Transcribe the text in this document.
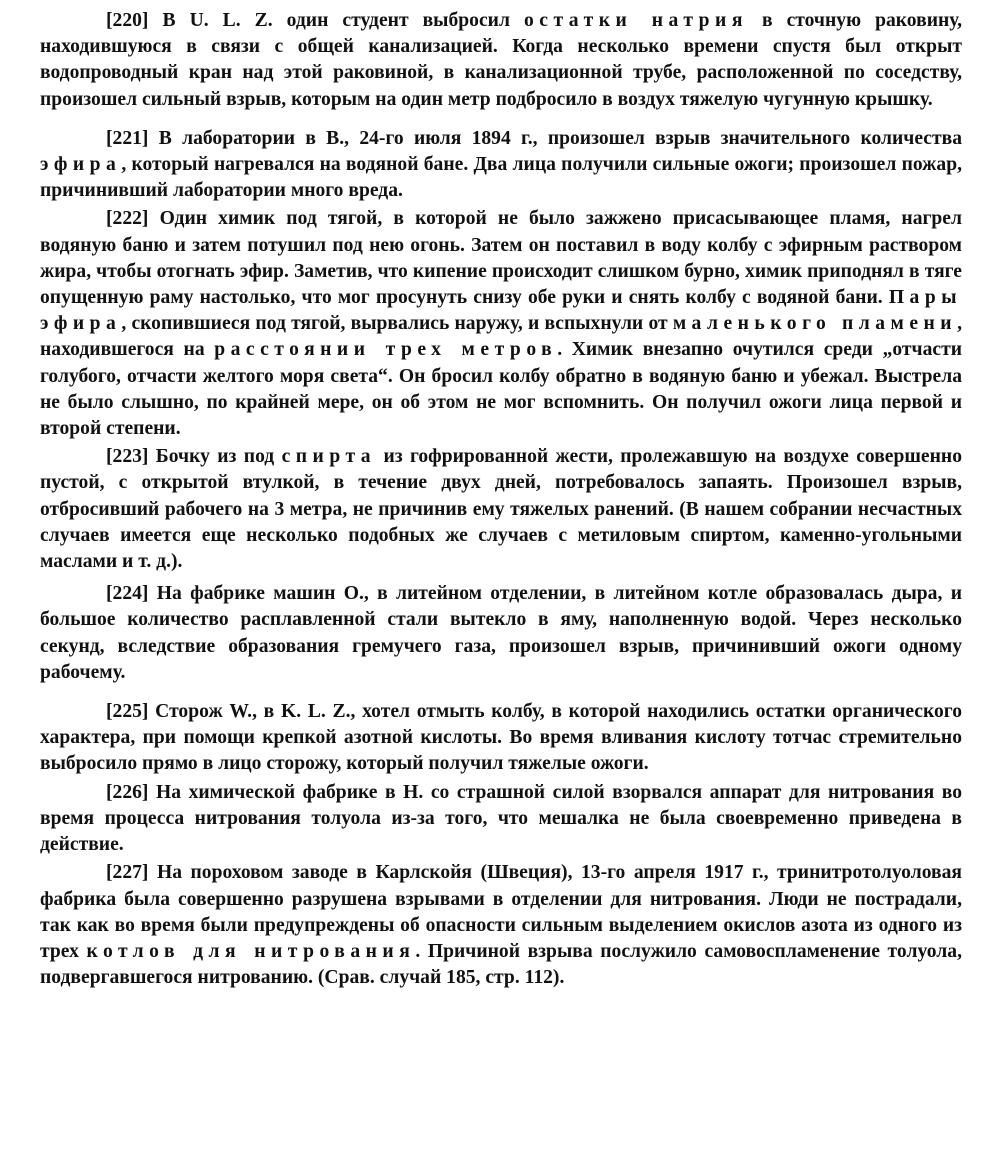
[220] В U. L. Z. один студент выбросил остатки натрия в сточную раковину, находившуюся в связи с общей канализацией. Когда несколько времени спустя был открыт водопроводный кран над этой раковиной, в канализационной трубе, расположенной по соседству, произошел сильный взрыв, которым на один метр подбросило в воздух тяжелую чугунную крышку.

[221] В лаборатории в В., 24-го июля 1894 г., произошел взрыв значительного количества эфира, который нагревался на водяной бане. Два лица получили сильные ожоги; произошел пожар, причинивший лаборатории много вреда.

[222] Один химик под тягой, в которой не было зажжено присасывающее пламя, нагрел водяную баню и затем потушил под нею огонь. Затем он поставил в воду колбу с эфирным раствором жира, чтобы отогнать эфир. Заметив, что кипение происходит слишком бурно, химик приподнял в тяге опущенную раму настолько, что мог просунуть снизу обе руки и снять колбу с водяной бани. Пары эфира, скопившиеся под тягой, вырвались наружу, и вспыхнули от маленького пламени, находившегося на расстоянии трех метров. Химик внезапно очутился среди „отчасти голубого, отчасти желтого моря света“. Он бросил колбу обратно в водяную баню и убежал. Выстрела не было слышно, по крайней мере, он об этом не мог вспомнить. Он получил ожоги лица первой и второй степени.

[223] Бочку из под спирта из гофрированной жести, пролежавшую на воздухе совершенно пустой, с открытой втулкой, в течение двух дней, потребовалось запаять. Произошел взрыв, отбросивший рабочего на 3 метра, не причинив ему тяжелых ранений. (В нашем собрании несчастных случаев имеется еще несколько подобных же случаев с метиловым спиртом, каменно-угольными маслами и т. д.).

[224] На фабрике машин О., в литейном отделении, в литейном котле образовалась дыра, и большое количество расплавленной стали вытекло в яму, наполненную водой. Через несколько секунд, вследствие образования гремучего газа, произошел взрыв, причинивший ожоги одному рабочему.

[225] Сторож W., в K. L. Z., хотел отмыть колбу, в которой находились остатки органического характера, при помощи крепкой азотной кислоты. Во время вливания кислоту тотчас стремительно выбросило прямо в лицо сторожу, который получил тяжелые ожоги.

[226] На химической фабрике в Н. со страшной силой взорвался аппарат для нитрования во время процесса нитрования толуола из-за того, что мешалка не была своевременно приведена в действие.

[227] На пороховом заводе в Карлскойя (Швеция), 13-го апреля 1917 г., тринитротолуоловая фабрика была совершенно разрушена взрывами в отделении для нитрования. Люди не пострадали, так как во время были предупреждены об опасности сильным выделением окислов азота из одного из трех котлов для нитрования. Причиной взрыва послужило самовоспламенение толуола, подвергавшегося нитрованию. (Срав. случай 185, стр. 112).
